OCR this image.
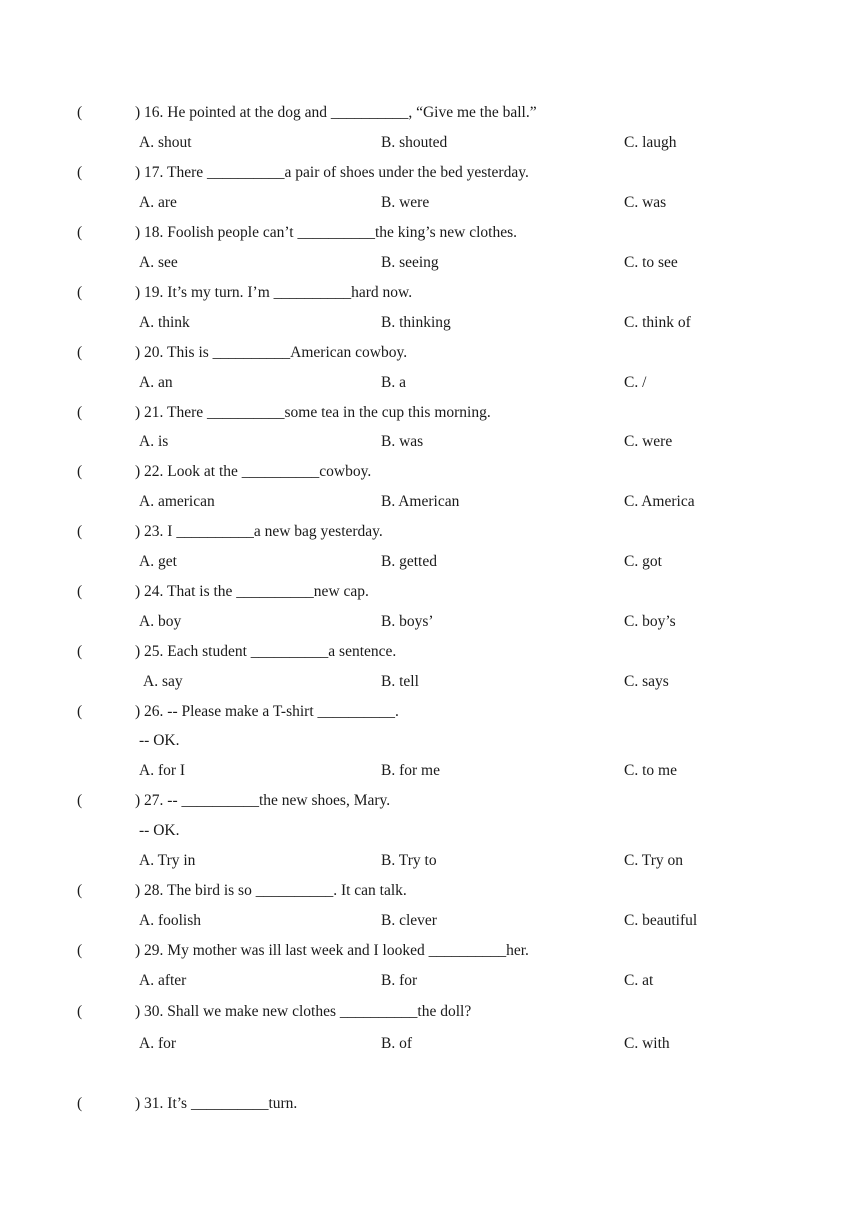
(	) 16. He pointed at the dog and __________, “Give me the ball.”
A. shout	B. shouted	C. laugh
(	) 17. There __________a pair of shoes under the bed yesterday.
A. are	B. were	C. was
(	) 18. Foolish people can’t __________the king’s new clothes.
A. see	B. seeing	C. to see
(	) 19. It’s my turn. I’m __________hard now.
A. think	B. thinking	C. think of
(	) 20. This is __________American cowboy.
A. an	B. a	C. /
(	) 21. There __________some tea in the cup this morning.
A. is	B. was	C. were
(	) 22. Look at the __________cowboy.
A. american	B. American	C. America
(	) 23. I __________a new bag yesterday.
A. get	B. getted	C. got
(	) 24. That is the __________new cap.
A. boy	B. boys’	C. boy’s
(	) 25. Each student __________a sentence.
A. say	B. tell	C. says
(	) 26. -- Please make a T-shirt __________.
-- OK.
A. for I	B. for me	C. to me
(	) 27. -- __________the new shoes, Mary.
-- OK.
A. Try in	B. Try to	C. Try on
(	) 28. The bird is so __________. It can talk.
A. foolish	B. clever	C. beautiful
(	) 29. My mother was ill last week and I looked __________her.
A. after	B. for	C. at
(	) 30. Shall we make new clothes __________the doll?
A. for	B. of	C. with
(	) 31. It’s __________turn.
